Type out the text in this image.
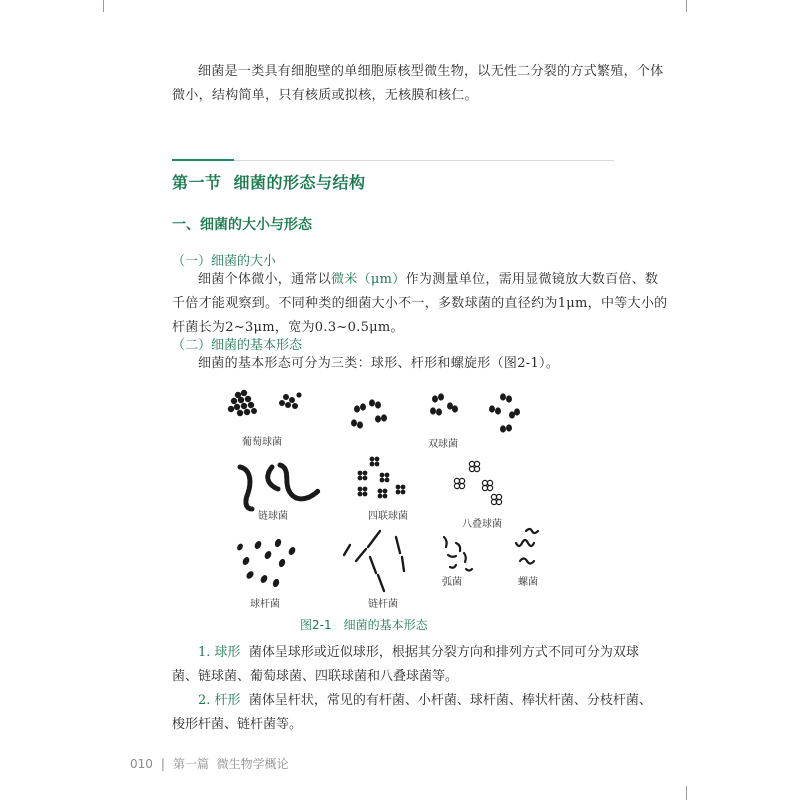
细菌是一类具有细胞壁的单细胞原核型微生物，以无性二分裂的方式繁殖，个体
微小，结构简单，只有核质或拟核，无核膜和核仁。
第一节 细菌的形态与结构
一、细菌的大小与形态
（一）细菌的大小
细菌个体微小，通常以微米（μm）作为测量单位，需用显微镜放大数百倍、数
千倍才能观察到。不同种类的细菌大小不一，多数球菌的直径约为1μm，中等大小的
杆菌长为2~3μm，宽为0.3~0.5μm。
（二）细菌的基本形态
细菌的基本形态可分为三类：球形、杆形和螺旋形（图2-1）。
葡萄球菌	双球菌
链球菌	四联球菌
八叠球菌
球杆菌	链杆菌
弧菌	螺菌
图2-1 细菌的基本形态
1. 球形 菌体呈球形或近似球形，根据其分裂方向和排列方式不同可分为双球
菌、链球菌、葡萄球菌、四联球菌和八叠球菌等。
2. 杆形 菌体呈杆状，常见的有杆菌、小杆菌、球杆菌、棒状杆菌、分枝杆菌、
梭形杆菌、链杆菌等。
010 | 第一篇 微生物学概论
